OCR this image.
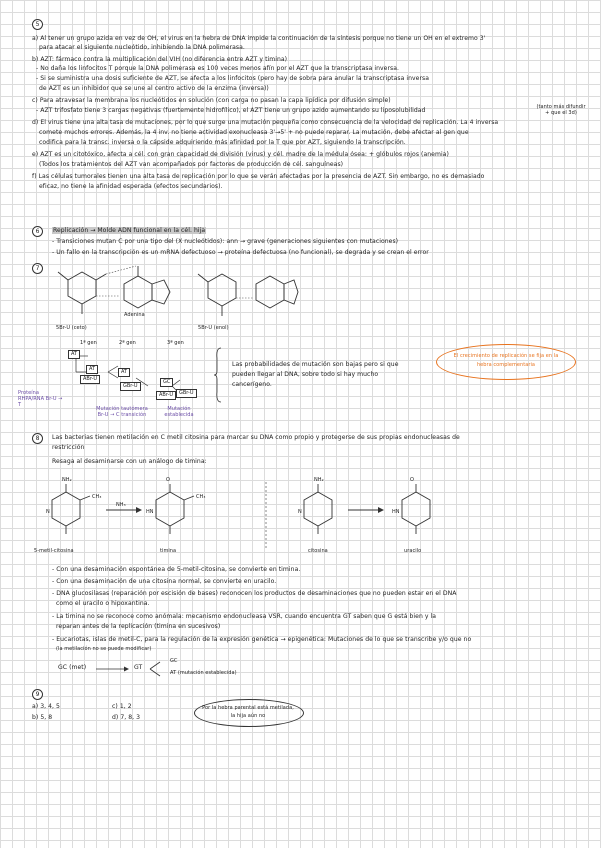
5
a) Al tener un grupo azida en vez de OH, el virus en la hebra de DNA impide la continuación de la síntesis porque no tiene un OH en el extremo 3'
para atacar el siguiente nucleótido, inhibiendo la DNA polimerasa.
b) AZT: fármaco contra la multiplicación del VIH (no diferencia entre AZT y timina)
- No daña los linfocitos T porque la DNA polimerasa es 100 veces menos afín por el AZT que la transcriptasa inversa.
- Si se suministra una dosis suficiente de AZT, se afecta a los linfocitos (pero hay de sobra para anular la transcriptasa inversa
de AZT es un inhibidor que se une al centro activo de la enzima (inversa))
c) Para atravesar la membrana los nucleótidos en solución (con carga no pasan la capa lipídica por difusión simple)
- AZT trifosfato tiene 3 cargas negativas (fuertemente hidrofílico), el AZT tiene un grupo azido aumentando su liposolubilidad	(tanto más difundir + que el 3d)
d) El virus tiene una alta tasa de mutaciones, por lo que surge una mutación pequeña como consecuencia de la velocidad de replicación. La 4 inversa
comete muchos errores. Además, la 4 inv. no tiene actividad exonucleasa 3'→5' + no puede reparar. La mutación, debe afectar al gen que
codifica para la transc. inversa o la cápside adquiriendo más afinidad por la T que por AZT, siguiendo la transcripción.
e) AZT es un citotóxico, afecta a cél. con gran capacidad de división (virus) y cél. madre de la médula ósea: + glóbulos rojos (anemia)
(Todos los tratamientos del AZT van acompañados por factores de producción de cél. sanguíneas)
f) Las células tumorales tienen una alta tasa de replicación por lo que se verán afectadas por la presencia de AZT. Sin embargo, no es demasiado
eficaz, no tiene la afinidad esperada (efectos secundarios).
6	Replicación → Molde ADN funcional en la cél. hija
- Transiciones mutan C por una tipo del (X nucleótidos): ann → grave (generaciones siguientes con mutaciones)
- Un fallo en la transcripción es un mRNA defectuoso → proteína defectuosa (no funcional), se degrada y se crean el error
7
5Br-U (ceto)
Adenina
5Br-U (enol)
1ª gen	2ª gen	3ª gen
AT
AT
ABr-U
AT
GBr-U
GC
ABr-U	GBr-U
Proteína RHPA/RNA Br-U → T
Mutación tautómera Br-U → C transición
Mutación establecida
Las probabilidades de mutación son bajas pero si que pueden llegar al DNA, sobre todo si hay mucho cancerígeno.
El crecimiento de replicación se fija en la hebra complementaria
8	Las bacterias tienen metilación en C metil citosina para marcar su DNA como propio y protegerse de sus propias endonucleasas de
restricción
Resaga al desaminarse con un análogo de timina:
NH₂
CH₃
N
NH₃
O
CH₃
HN
NH₂
N
O
HN
5-metil-citosina	timina	citosina	uracilo
- Con una desaminación espontánea de 5-metil-citosina, se convierte en timina.
- Con una desaminación de una citosina normal, se convierte en uracilo.
- DNA glucosilasas (reparación por escisión de bases) reconocen los productos de desaminaciones que no pueden estar en el DNA
como el uracilo o hipoxantina.
- La timina no se reconoce como anómala: mecanismo endonucleasa VSR, cuando encuentra GT saben que G está bien y la
reparan antes de la replicación (timina en sucesivos)
- Eucariotas, islas de metil-C, para la regulación de la expresión genética → epigenética: Mutaciones de lo que se transcribe y/o que no
(la metilación no se puede modificar)
GC (met)	GT
GC
AT (mutación establecida)
9
a) 3, 4, 5
b) 5, 8
c) 1, 2
d) 7, 8, 3
Por la hebra parental está metilada, la hija aún no
